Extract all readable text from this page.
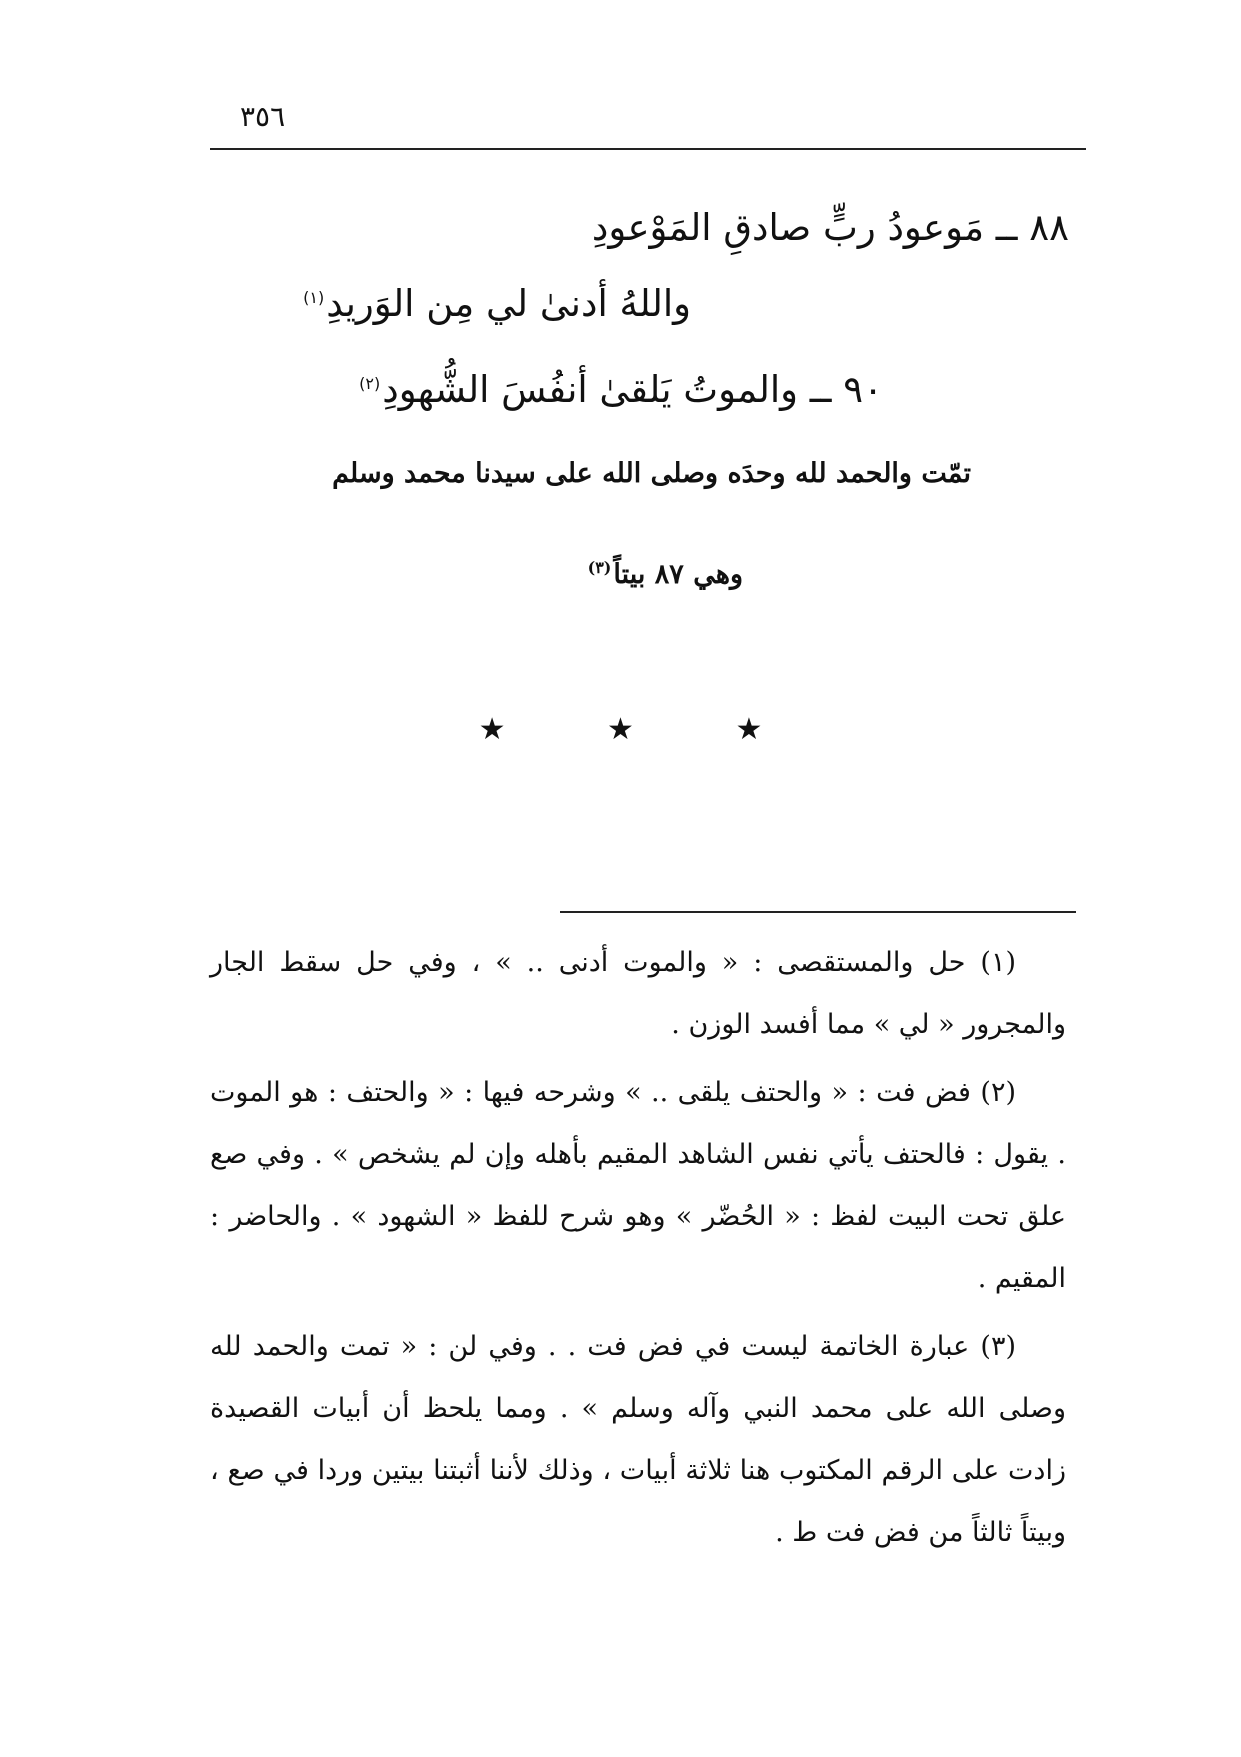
٣٥٦
٨٨ ــ مَوعودُ ربٍّ صادقِ المَوْعودِ
واللهُ أدنىٰ لي مِن الوَريدِ$^{(١)}$
٩٠ ــ والموتُ يَلقىٰ أنفُسَ الشُّهودِ$^{(٢)}$
تمّت والحمد لله وحدَه وصلى الله على سيدنا محمد وسلم
وهي ٨٧ بيتاً$^{(٣)}$
★ ★ ★

(١) حل والمستقصى : « والموت أدنى .. » ، وفي حل سقط الجار والمجرور « لي » مما أفسد الوزن .

(٢) فض فت : « والحتف يلقى .. » وشرحه فيها : « والحتف : هو الموت . يقول : فالحتف يأتي نفس الشاهد المقيم بأهله وإن لم يشخص » . وفي صع علق تحت البيت لفظ : « الحُضّر » وهو شرح للفظ « الشهود » . والحاضر : المقيم .

(٣) عبارة الخاتمة ليست في فض فت . . وفي لن : « تمت والحمد لله وصلى الله على محمد النبي وآله وسلم » . ومما يلحظ أن أبيات القصيدة زادت على الرقم المكتوب هنا ثلاثة أبيات ، وذلك لأننا أثبتنا بيتين وردا في صع ، وبيتاً ثالثاً من فض فت ط .
